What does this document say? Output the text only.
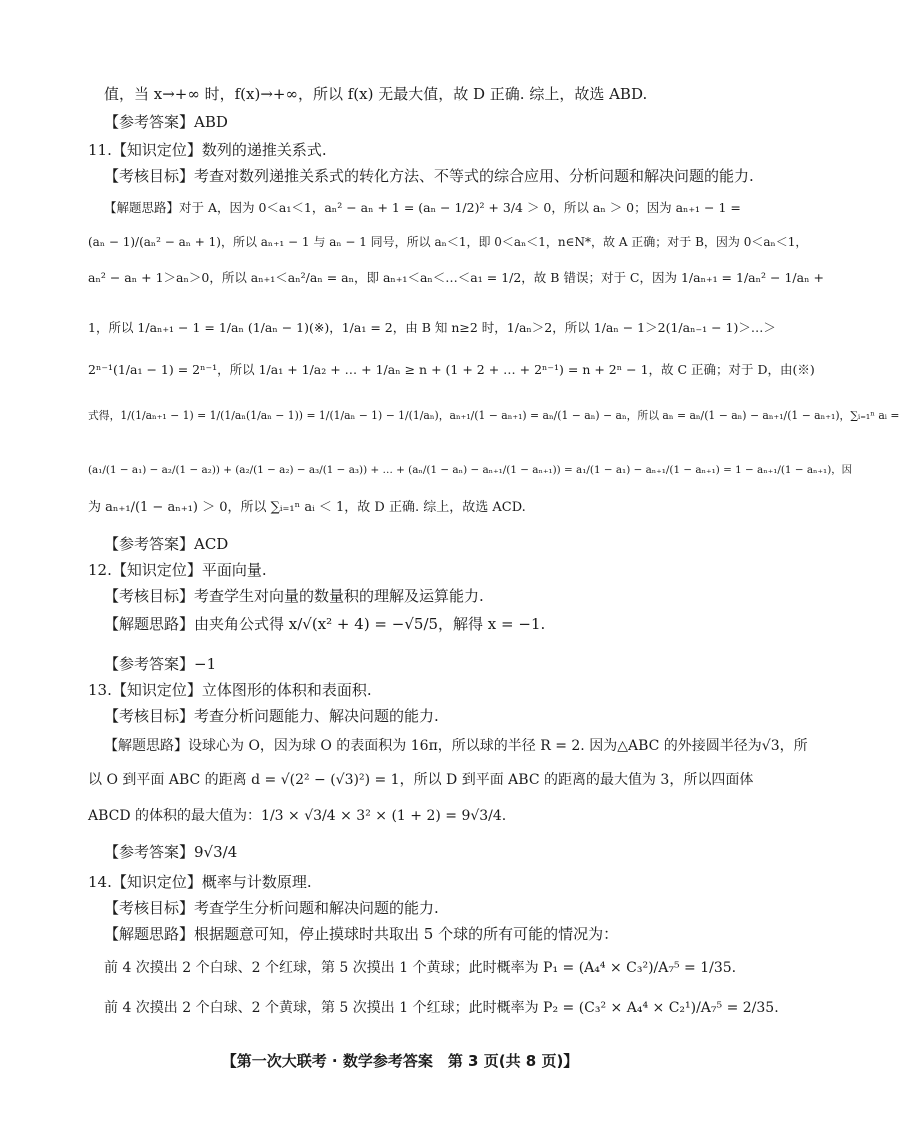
值，当 x→+∞ 时，f(x)→+∞，所以 f(x) 无最大值，故 D 正确. 综上，故选 ABD.
【参考答案】ABD
11.【知识定位】数列的递推关系式.
【考核目标】考查对数列递推关系式的转化方法、不等式的综合应用、分析问题和解决问题的能力.
【解题思路】对于 A，因为 0＜a₁＜1，aₙ² − aₙ + 1 = (aₙ − 1/2)² + 3/4 ＞ 0，所以 aₙ ＞ 0；因为 aₙ₊₁ − 1 =
(aₙ − 1)/(aₙ² − aₙ + 1)，所以 aₙ₊₁ − 1 与 aₙ − 1 同号，所以 aₙ＜1，即 0＜aₙ＜1，n∈N*，故 A 正确；对于 B，因为 0＜aₙ＜1，
aₙ² − aₙ + 1＞aₙ＞0，所以 aₙ₊₁＜aₙ²/aₙ = aₙ，即 aₙ₊₁＜aₙ＜…＜a₁ = 1/2，故 B 错误；对于 C，因为 1/aₙ₊₁ = 1/aₙ² − 1/aₙ +
1，所以 1/aₙ₊₁ − 1 = 1/aₙ (1/aₙ − 1)(※)，1/a₁ = 2，由 B 知 n≥2 时，1/aₙ＞2，所以 1/aₙ − 1＞2(1/aₙ₋₁ − 1)＞…＞
2ⁿ⁻¹(1/a₁ − 1) = 2ⁿ⁻¹，所以 1/a₁ + 1/a₂ + … + 1/aₙ ≥ n + (1 + 2 + … + 2ⁿ⁻¹) = n + 2ⁿ − 1，故 C 正确；对于 D，由(※)
式得，1/(1/aₙ₊₁ − 1) = 1/(1/aₙ(1/aₙ − 1)) = 1/(1/aₙ − 1) − 1/(1/aₙ)，aₙ₊₁/(1 − aₙ₊₁) = aₙ/(1 − aₙ) − aₙ，所以 aₙ = aₙ/(1 − aₙ) − aₙ₊₁/(1 − aₙ₊₁)，∑ᵢ₌₁ⁿ aᵢ =
(a₁/(1 − a₁) − a₂/(1 − a₂)) + (a₂/(1 − a₂) − a₃/(1 − a₃)) + … + (aₙ/(1 − aₙ) − aₙ₊₁/(1 − aₙ₊₁)) = a₁/(1 − a₁) − aₙ₊₁/(1 − aₙ₊₁) = 1 − aₙ₊₁/(1 − aₙ₊₁)，因
为 aₙ₊₁/(1 − aₙ₊₁) ＞ 0，所以 ∑ᵢ₌₁ⁿ aᵢ ＜ 1，故 D 正确. 综上，故选 ACD.
【参考答案】ACD
12.【知识定位】平面向量.
【考核目标】考查学生对向量的数量积的理解及运算能力.
【解题思路】由夹角公式得 x/√(x² + 4) = −√5/5，解得 x = −1.
【参考答案】−1
13.【知识定位】立体图形的体积和表面积.
【考核目标】考查分析问题能力、解决问题的能力.
【解题思路】设球心为 O，因为球 O 的表面积为 16π，所以球的半径 R = 2. 因为△ABC 的外接圆半径为√3，所
以 O 到平面 ABC 的距离 d = √(2² − (√3)²) = 1，所以 D 到平面 ABC 的距离的最大值为 3，所以四面体
ABCD 的体积的最大值为：1/3 × √3/4 × 3² × (1 + 2) = 9√3/4.
【参考答案】9√3/4
14.【知识定位】概率与计数原理.
【考核目标】考查学生分析问题和解决问题的能力.
【解题思路】根据题意可知，停止摸球时共取出 5 个球的所有可能的情况为：
前 4 次摸出 2 个白球、2 个红球，第 5 次摸出 1 个黄球；此时概率为 P₁ = (A₄⁴ × C₃²)/A₇⁵ = 1/35.
前 4 次摸出 2 个白球、2 个黄球，第 5 次摸出 1 个红球；此时概率为 P₂ = (C₃² × A₄⁴ × C₂¹)/A₇⁵ = 2/35.
【第一次大联考 · 数学参考答案　第 3 页(共 8 页)】
